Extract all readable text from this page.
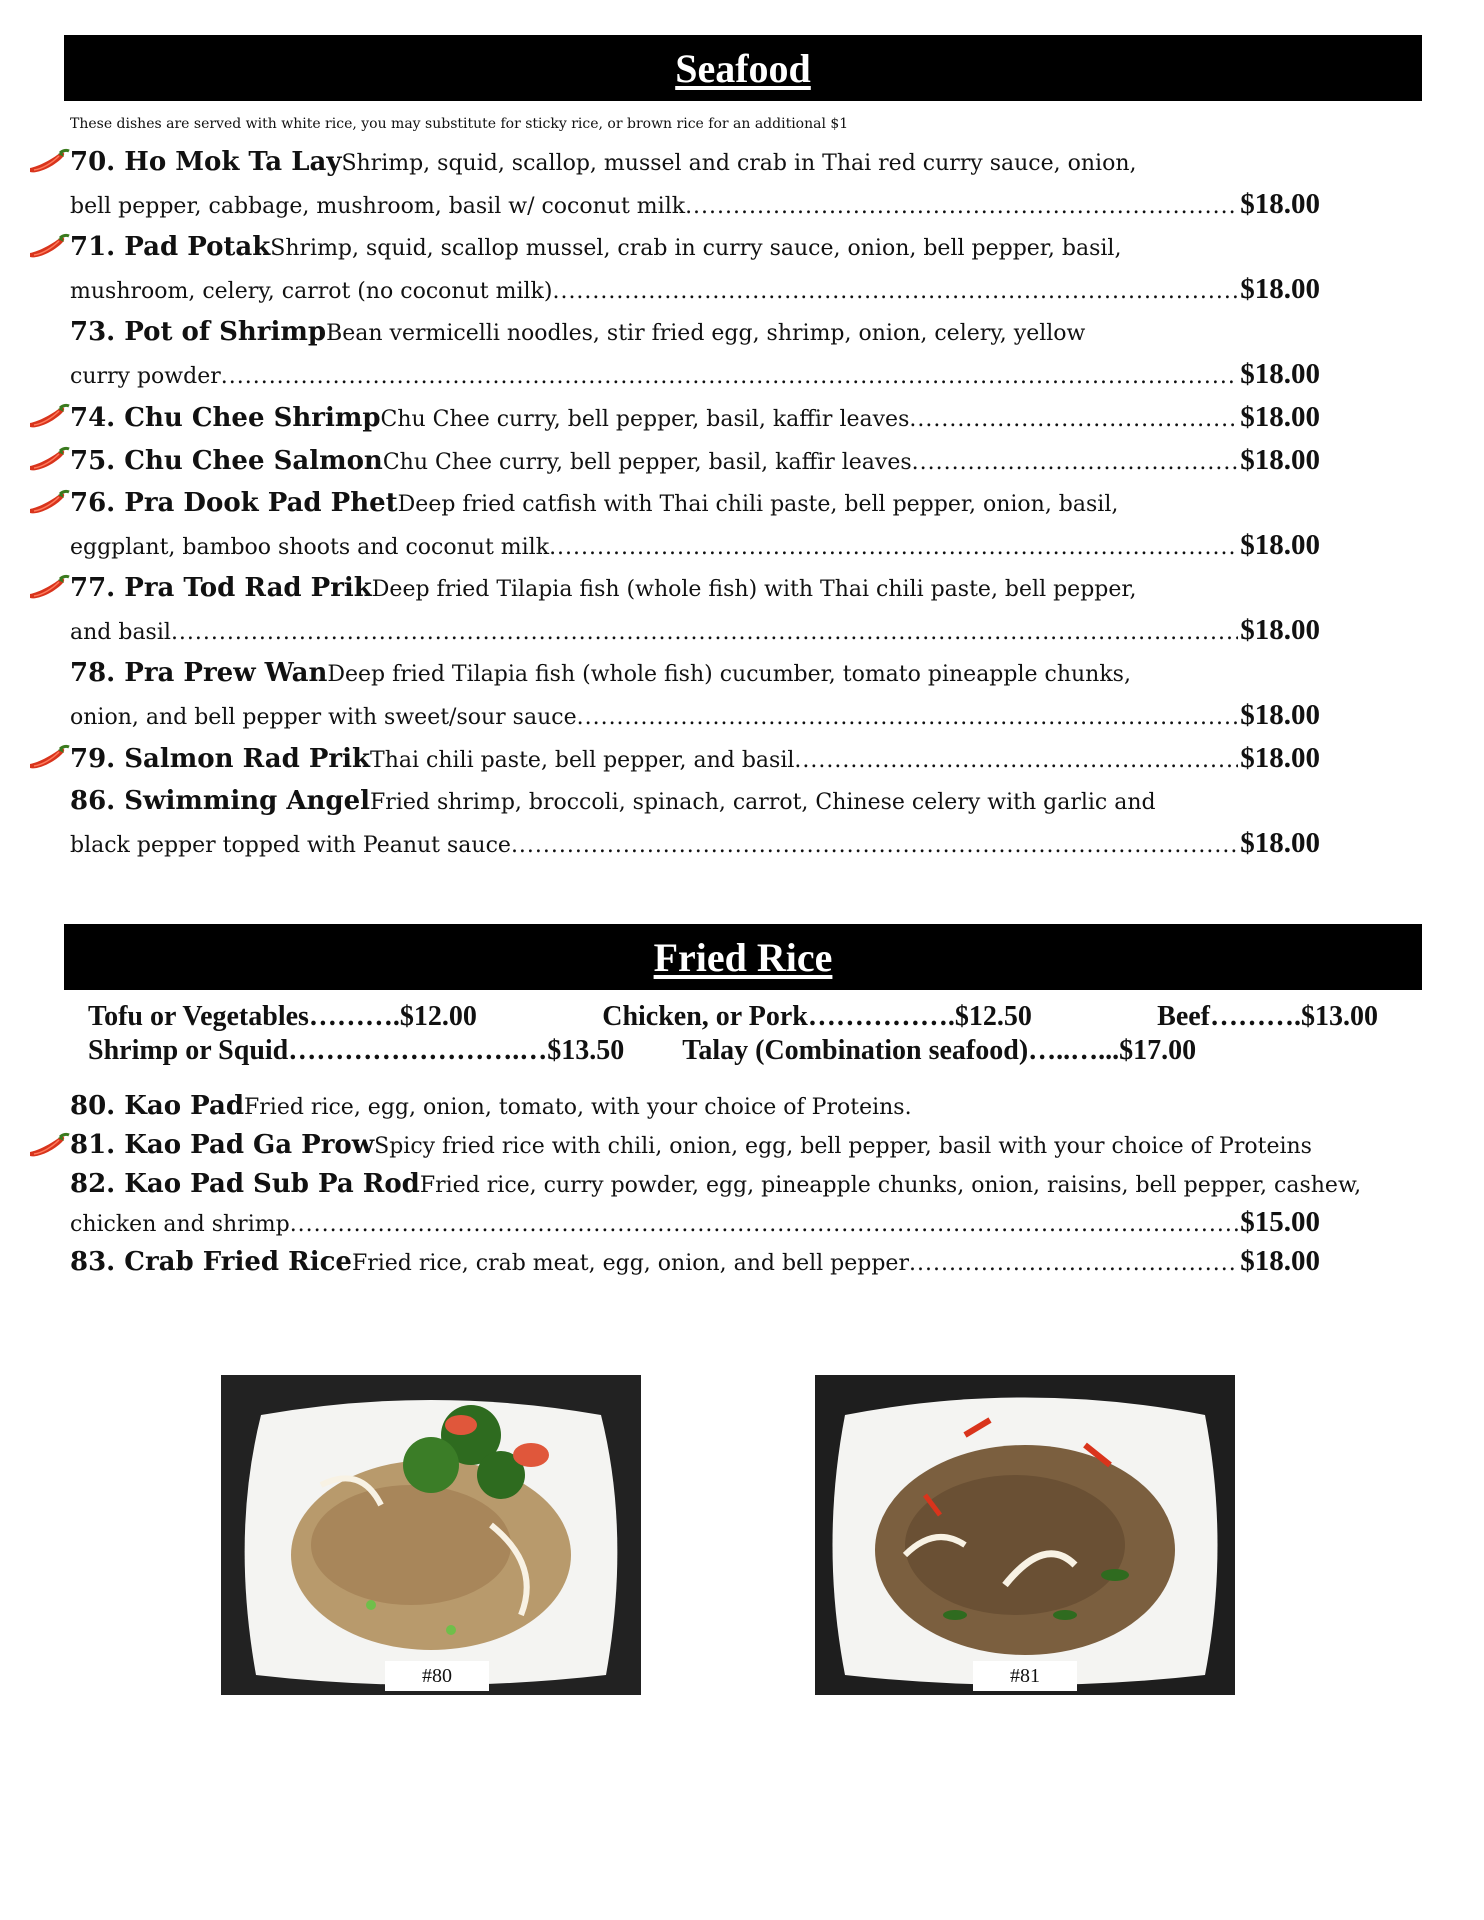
Seafood
These dishes are served with white rice, you may substitute for sticky rice, or brown rice for an additional $1
70. Ho Mok Ta Lay Shrimp, squid, scallop, mussel and crab in Thai red curry sauce, onion,
bell pepper, cabbage, mushroom, basil w/ coconut milk .....	$18.00
71. Pad Potak Shrimp, squid, scallop mussel, crab in curry sauce, onion, bell pepper, basil,
mushroom, celery, carrot (no coconut milk) .....	$18.00
73. Pot of Shrimp Bean vermicelli noodles, stir fried egg, shrimp, onion, celery, yellow
curry powder .....	$18.00
74. Chu Chee Shrimp Chu Chee curry, bell pepper, basil, kaffir leaves .....	$18.00
75. Chu Chee Salmon Chu Chee curry, bell pepper, basil, kaffir leaves .....	$18.00
76. Pra Dook Pad Phet Deep fried catfish with Thai chili paste, bell pepper, onion, basil,
eggplant, bamboo shoots and coconut milk .....	$18.00
77. Pra Tod Rad Prik Deep fried Tilapia fish (whole fish) with Thai chili paste, bell pepper,
and basil .....	$18.00
78. Pra Prew Wan Deep fried Tilapia fish (whole fish) cucumber, tomato pineapple chunks,
onion, and bell pepper with sweet/sour sauce .....	$18.00
79. Salmon Rad Prik Thai chili paste, bell pepper, and basil .....	$18.00
86. Swimming Angel Fried shrimp, broccoli, spinach, carrot, Chinese celery with garlic and
black pepper topped with Peanut sauce .....	$18.00
Fried Rice
Tofu or Vegetables……….$12.00	Chicken, or Pork…………….$12.50	Beef……….$13.00
Shrimp or Squid…………………….…$13.50 Talay (Combination seafood)…..…...$17.00
80. Kao Pad Fried rice, egg, onion, tomato, with your choice of Proteins.
81. Kao Pad Ga Prow Spicy fried rice with chili, onion, egg, bell pepper, basil with your choice of Proteins
82. Kao Pad Sub Pa Rod Fried rice, curry powder, egg, pineapple chunks, onion, raisins, bell pepper, cashew,
chicken and shrimp .....	$15.00
83. Crab Fried Rice Fried rice, crab meat, egg, onion, and bell pepper .....	$18.00
#80	#81
